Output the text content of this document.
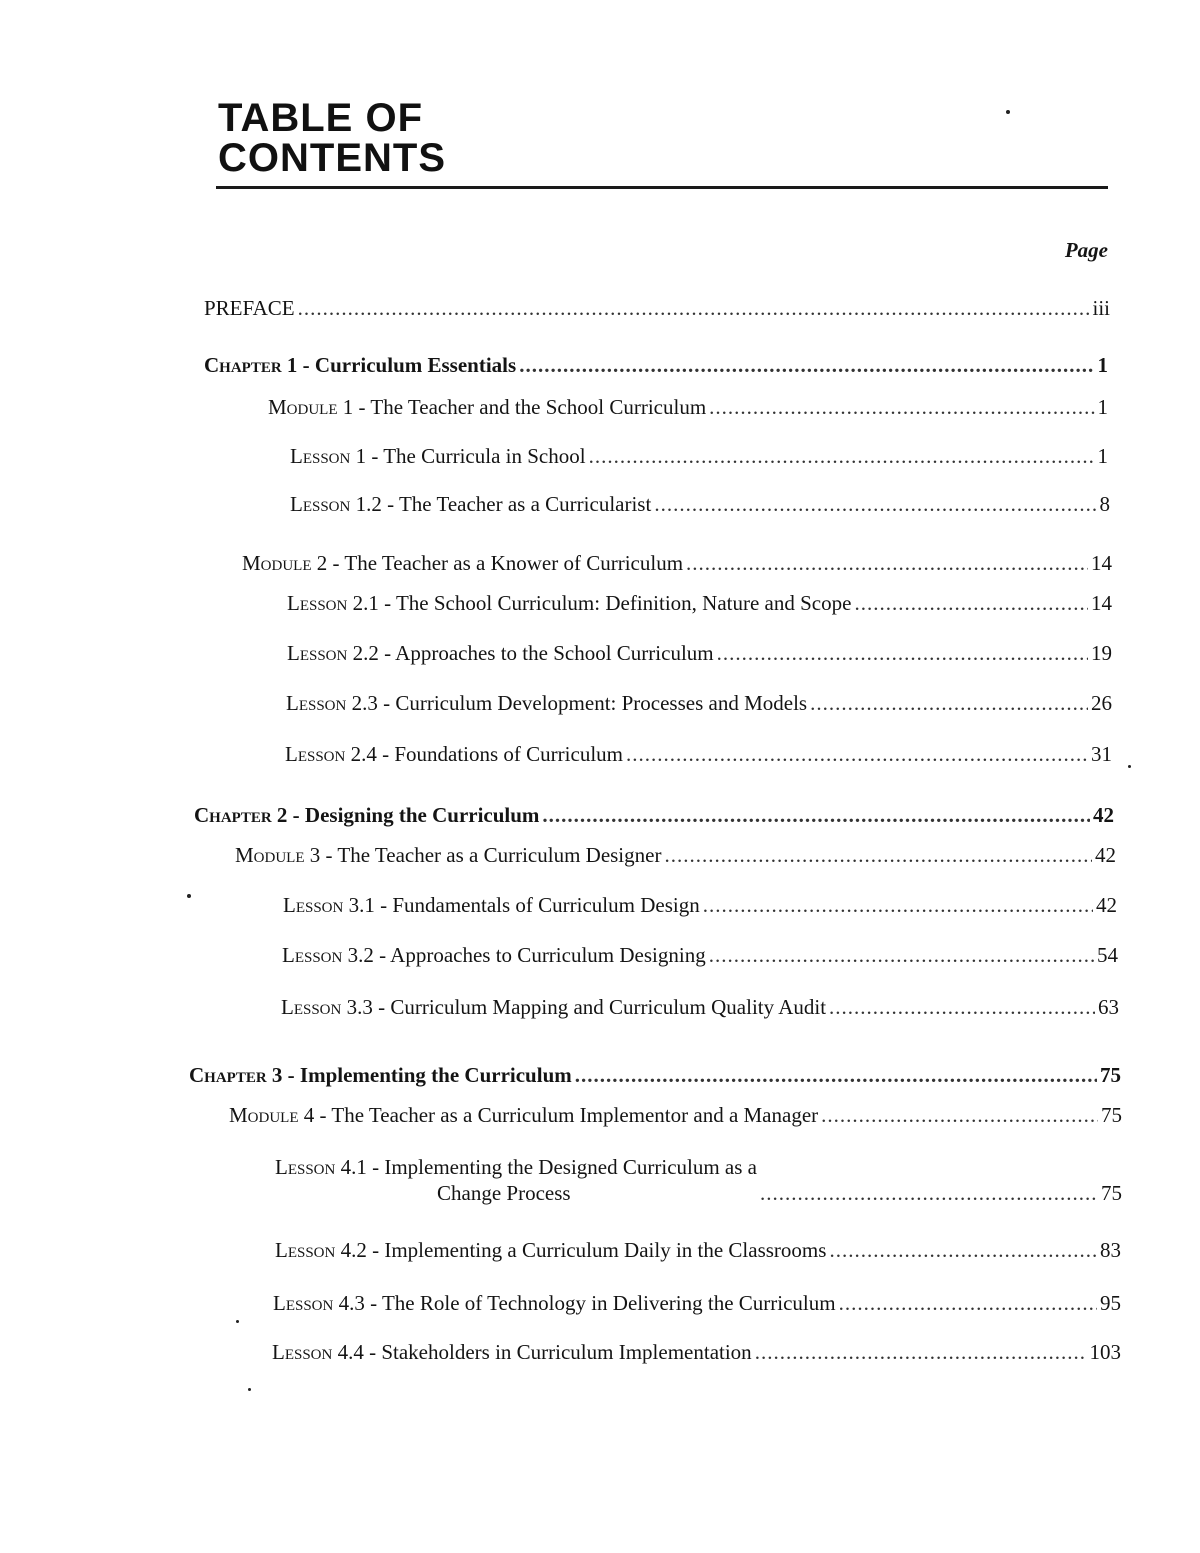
TABLE OF
CONTENTS
Page
PREFACE .....	iii
Chapter 1 - Curriculum Essentials .....	1
Module 1 - The Teacher and the School Curriculum .....	1
Lesson 1 - The Curricula in School .....	1
Lesson 1.2 - The Teacher as a Curricularist .....	8
Module 2 - The Teacher as a Knower of Curriculum .....	14
Lesson 2.1 - The School Curriculum: Definition, Nature and Scope .....	14
Lesson 2.2 - Approaches to the School Curriculum .....	19
Lesson 2.3 - Curriculum Development: Processes and Models .....	26
Lesson 2.4 - Foundations of Curriculum .....	31
Chapter 2 - Designing the Curriculum .....	42
Module 3 - The Teacher as a Curriculum Designer .....	42
Lesson 3.1 - Fundamentals of Curriculum Design .....	42
Lesson 3.2 - Approaches to Curriculum Designing .....	54
Lesson 3.3 - Curriculum Mapping and Curriculum Quality Audit .....	63
Chapter 3 - Implementing the Curriculum .....	75
Module 4 - The Teacher as a Curriculum Implementor and a Manager .....	75
Lesson 4.1 - Implementing the Designed Curriculum as a
Change Process .....	75
Lesson 4.2 - Implementing a Curriculum Daily in the Classrooms .....	83
Lesson 4.3 - The Role of Technology in Delivering the Curriculum .....	95
Lesson 4.4 - Stakeholders in Curriculum Implementation .....	103
